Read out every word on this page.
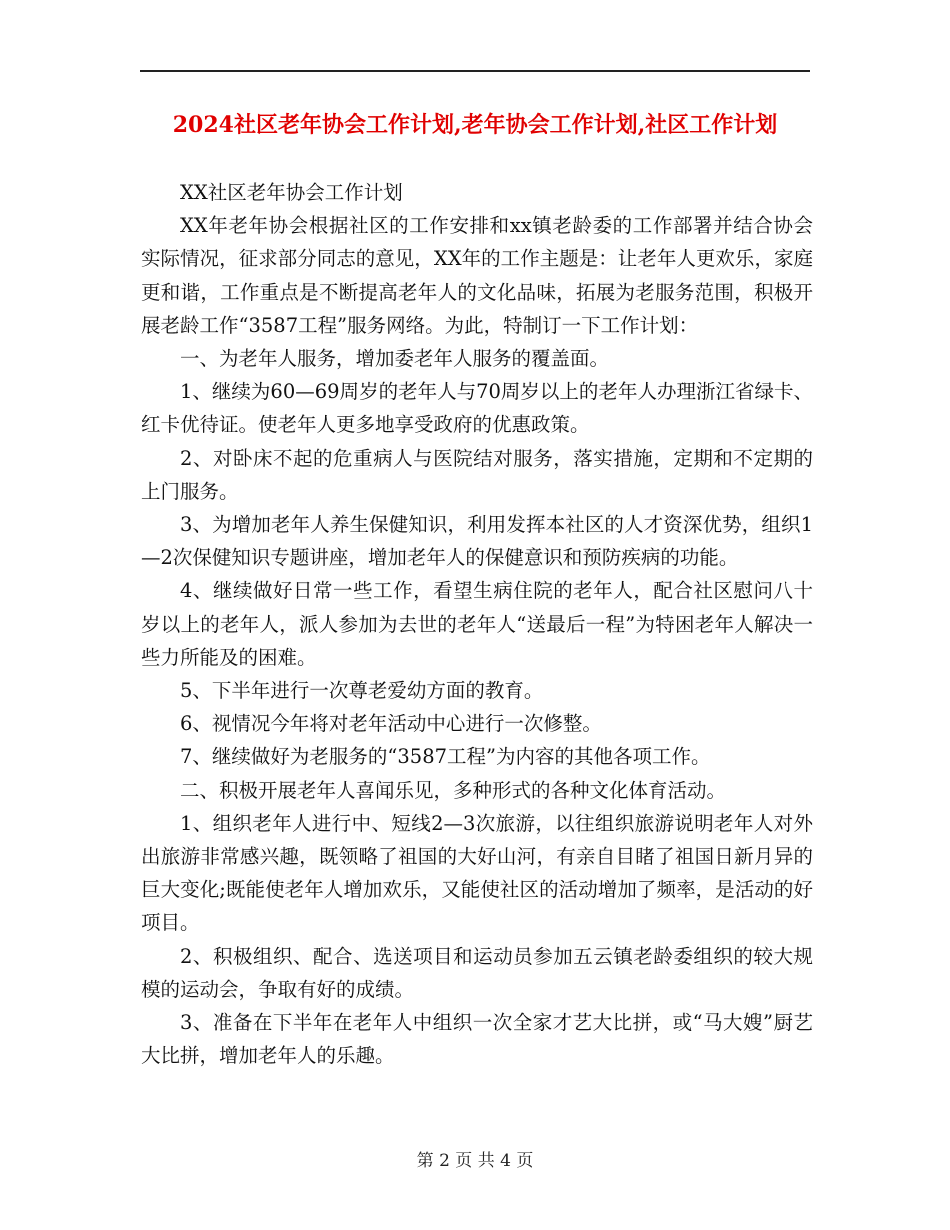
2024社区老年协会工作计划,老年协会工作计划,社区工作计划

XX社区老年协会工作计划

XX年老年协会根据社区的工作安排和xx镇老龄委的工作部署并结合协会实际情况，征求部分同志的意见，XX年的工作主题是：让老年人更欢乐，家庭更和谐，工作重点是不断提高老年人的文化品味，拓展为老服务范围，积极开展老龄工作“3587工程”服务网络。为此，特制订一下工作计划：

一、为老年人服务，增加委老年人服务的覆盖面。

1、继续为60—69周岁的老年人与70周岁以上的老年人办理浙江省绿卡、红卡优待证。使老年人更多地享受政府的优惠政策。

2、对卧床不起的危重病人与医院结对服务，落实措施，定期和不定期的上门服务。

3、为增加老年人养生保健知识，利用发挥本社区的人才资深优势，组织1—2次保健知识专题讲座，增加老年人的保健意识和预防疾病的功能。

4、继续做好日常一些工作，看望生病住院的老年人，配合社区慰问八十岁以上的老年人，派人参加为去世的老年人“送最后一程”为特困老年人解决一些力所能及的困难。

5、下半年进行一次尊老爱幼方面的教育。

6、视情况今年将对老年活动中心进行一次修整。

7、继续做好为老服务的“3587工程”为内容的其他各项工作。

二、积极开展老年人喜闻乐见，多种形式的各种文化体育活动。

1、组织老年人进行中、短线2—3次旅游，以往组织旅游说明老年人对外出旅游非常感兴趣，既领略了祖国的大好山河，有亲自目睹了祖国日新月异的巨大变化;既能使老年人增加欢乐，又能使社区的活动增加了频率，是活动的好项目。

2、积极组织、配合、选送项目和运动员参加五云镇老龄委组织的较大规模的运动会，争取有好的成绩。

3、准备在下半年在老年人中组织一次全家才艺大比拼，或“马大嫂”厨艺大比拼，增加老年人的乐趣。

第 2 页 共 4 页
